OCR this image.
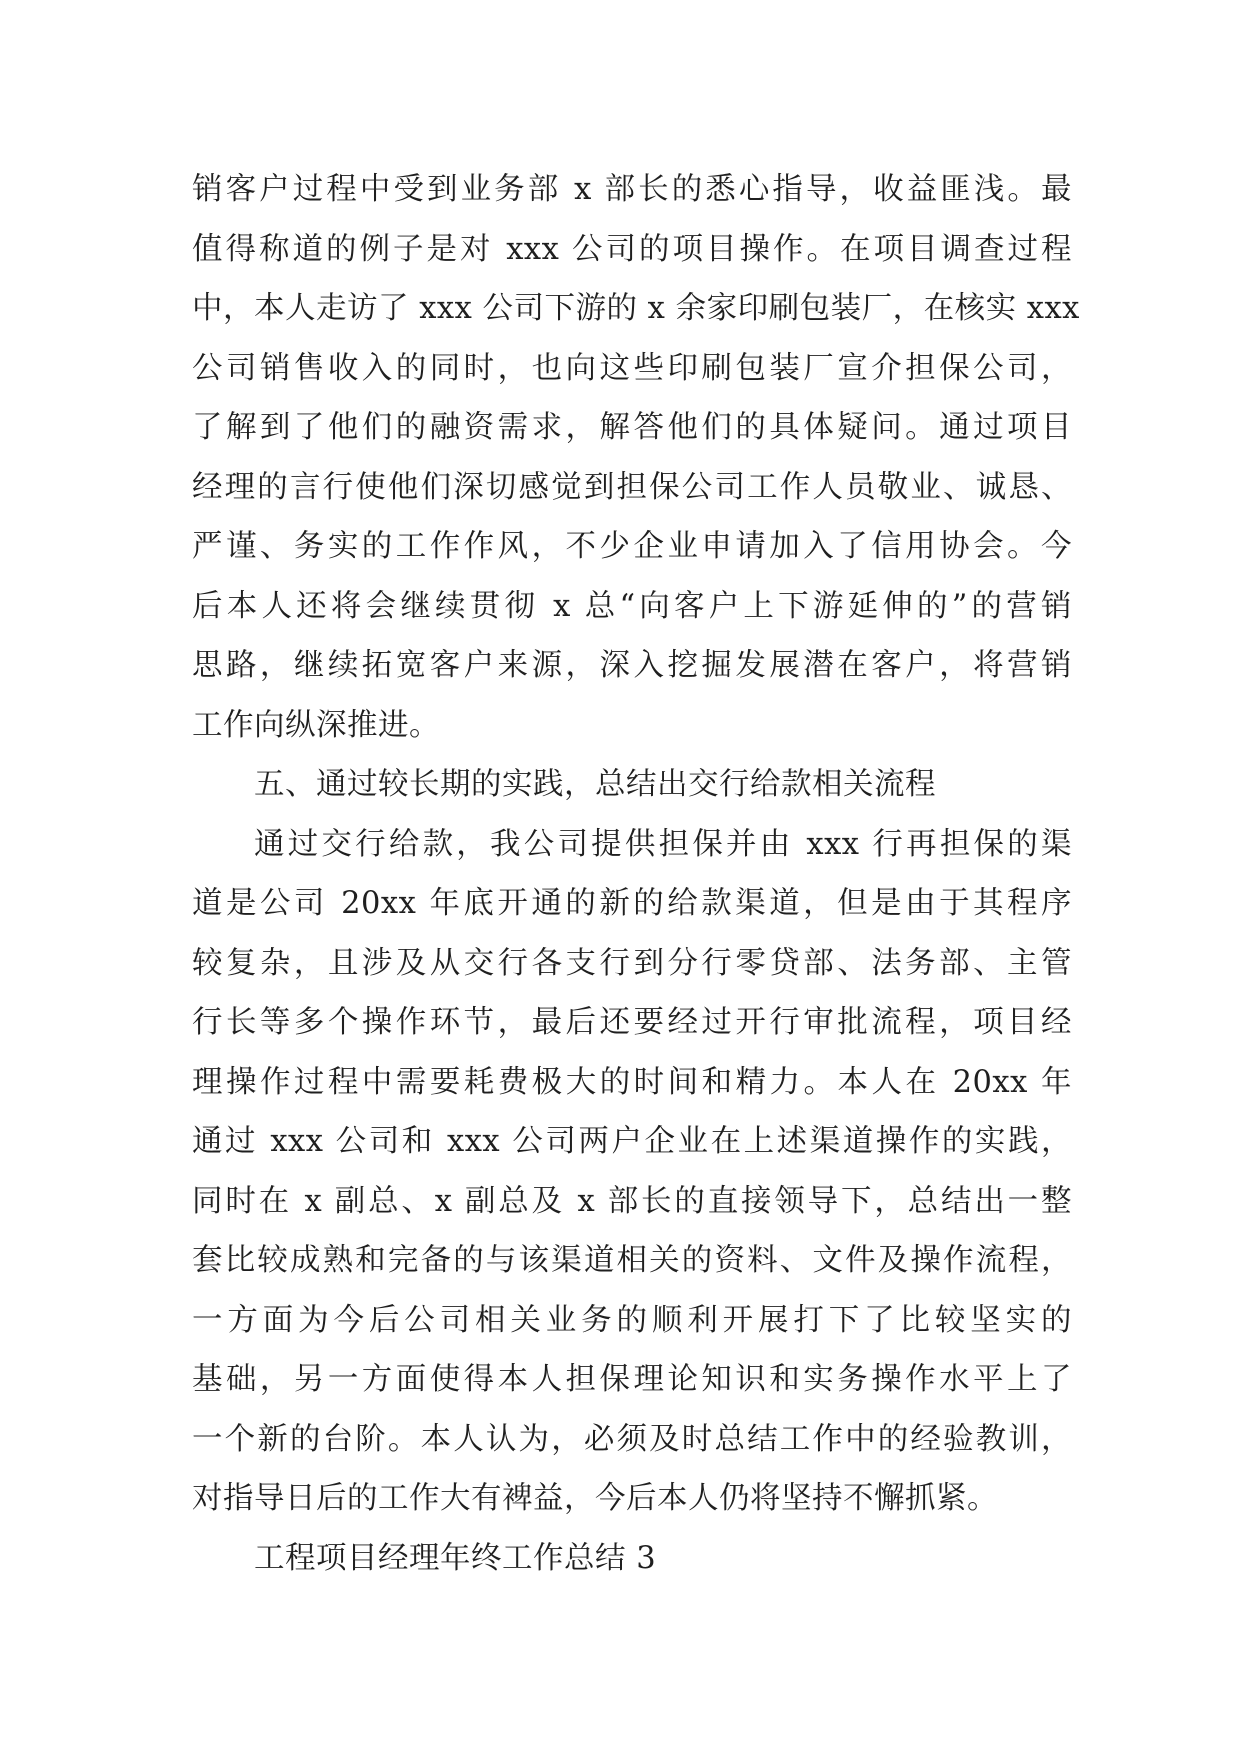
销客户过程中受到业务部 x 部长的悉心指导，收益匪浅。最
值得称道的例子是对 xxx 公司的项目操作。在项目调查过程
中，本人走访了 xxx 公司下游的 x 余家印刷包装厂，在核实 xxx
公司销售收入的同时，也向这些印刷包装厂宣介担保公司，
了解到了他们的融资需求，解答他们的具体疑问。通过项目
经理的言行使他们深切感觉到担保公司工作人员敬业、诚恳、
严谨、务实的工作作风，不少企业申请加入了信用协会。今
后本人还将会继续贯彻 x 总“向客户上下游延伸的”的营销
思路，继续拓宽客户来源，深入挖掘发展潜在客户，将营销
工作向纵深推进。
五、通过较长期的实践，总结出交行给款相关流程
通过交行给款，我公司提供担保并由 xxx 行再担保的渠
道是公司 20xx 年底开通的新的给款渠道，但是由于其程序
较复杂，且涉及从交行各支行到分行零贷部、法务部、主管
行长等多个操作环节，最后还要经过开行审批流程，项目经
理操作过程中需要耗费极大的时间和精力。本人在 20xx 年
通过 xxx 公司和 xxx 公司两户企业在上述渠道操作的实践，
同时在 x 副总、x 副总及 x 部长的直接领导下，总结出一整
套比较成熟和完备的与该渠道相关的资料、文件及操作流程，
一方面为今后公司相关业务的顺利开展打下了比较坚实的
基础，另一方面使得本人担保理论知识和实务操作水平上了
一个新的台阶。本人认为，必须及时总结工作中的经验教训，
对指导日后的工作大有裨益，今后本人仍将坚持不懈抓紧。
工程项目经理年终工作总结 3
